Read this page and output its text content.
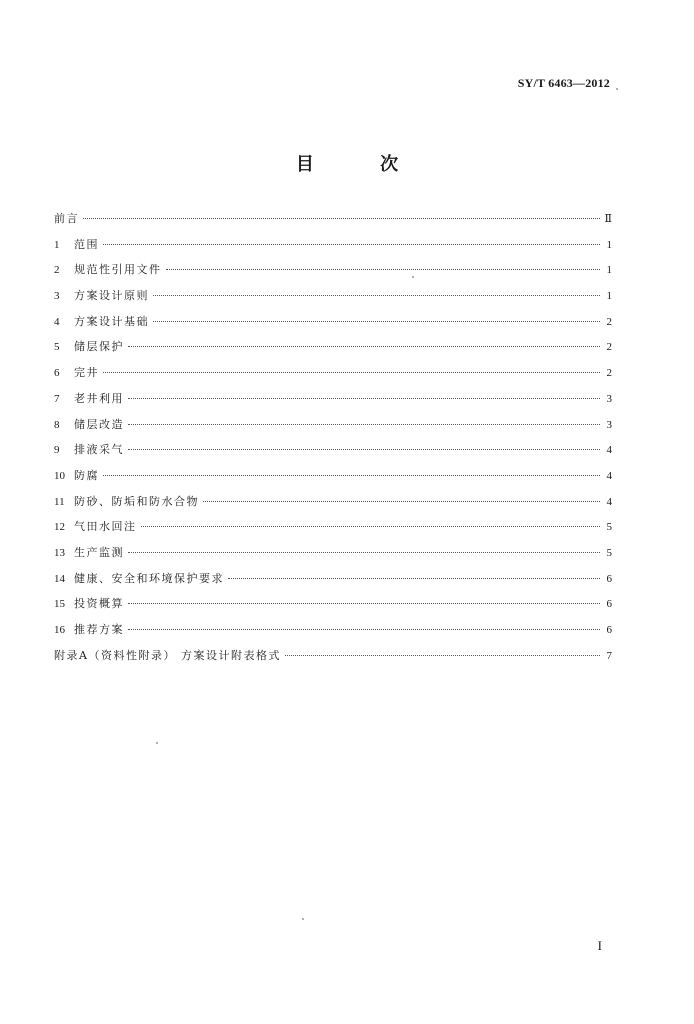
SY/T 6463—2012
目 次
前言	Ⅱ
1	范围	1
2	规范性引用文件	1
3	方案设计原则	1
4	方案设计基础	2
5	储层保护	2
6	完井	2
7	老井利用	3
8	储层改造	3
9	排液采气	4
10 防腐	4
11 防砂、防垢和防水合物	4
12 气田水回注	5
13 生产监测	5
14 健康、安全和环境保护要求	6
15 投资概算	6
16 推荐方案	6
附录A（资料性附录） 方案设计附表格式	7
I
